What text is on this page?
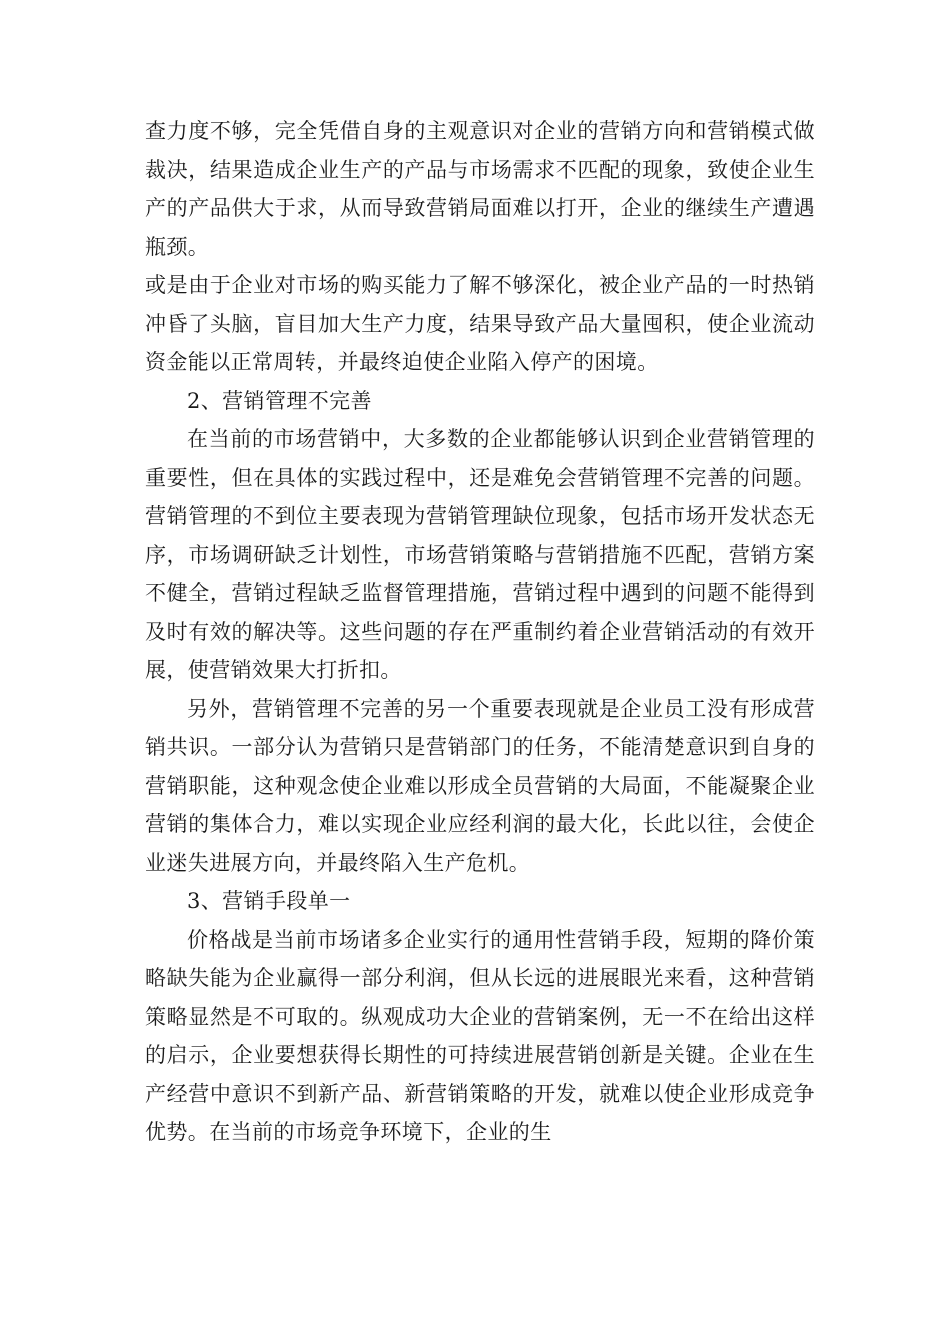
查力度不够，完全凭借自身的主观意识对企业的营销方向和营销模式做裁决，结果造成企业生产的产品与市场需求不匹配的现象，致使企业生产的产品供大于求，从而导致营销局面难以打开，企业的继续生产遭遇瓶颈。

或是由于企业对市场的购买能力了解不够深化，被企业产品的一时热销冲昏了头脑，盲目加大生产力度，结果导致产品大量囤积，使企业流动资金能以正常周转，并最终迫使企业陷入停产的困境。

2、营销管理不完善

在当前的市场营销中，大多数的企业都能够认识到企业营销管理的重要性，但在具体的实践过程中，还是难免会营销管理不完善的问题。营销管理的不到位主要表现为营销管理缺位现象，包括市场开发状态无序，市场调研缺乏计划性，市场营销策略与营销措施不匹配，营销方案不健全，营销过程缺乏监督管理措施，营销过程中遇到的问题不能得到及时有效的解决等。这些问题的存在严重制约着企业营销活动的有效开展，使营销效果大打折扣。

另外，营销管理不完善的另一个重要表现就是企业员工没有形成营销共识。一部分认为营销只是营销部门的任务，不能清楚意识到自身的营销职能，这种观念使企业难以形成全员营销的大局面，不能凝聚企业营销的集体合力，难以实现企业应经利润的最大化，长此以往，会使企业迷失进展方向，并最终陷入生产危机。

3、营销手段单一

价格战是当前市场诸多企业实行的通用性营销手段，短期的降价策略缺失能为企业赢得一部分利润，但从长远的进展眼光来看，这种营销策略显然是不可取的。纵观成功大企业的营销案例，无一不在给出这样的启示，企业要想获得长期性的可持续进展营销创新是关键。企业在生产经营中意识不到新产品、新营销策略的开发，就难以使企业形成竞争优势。在当前的市场竞争环境下，企业的生
